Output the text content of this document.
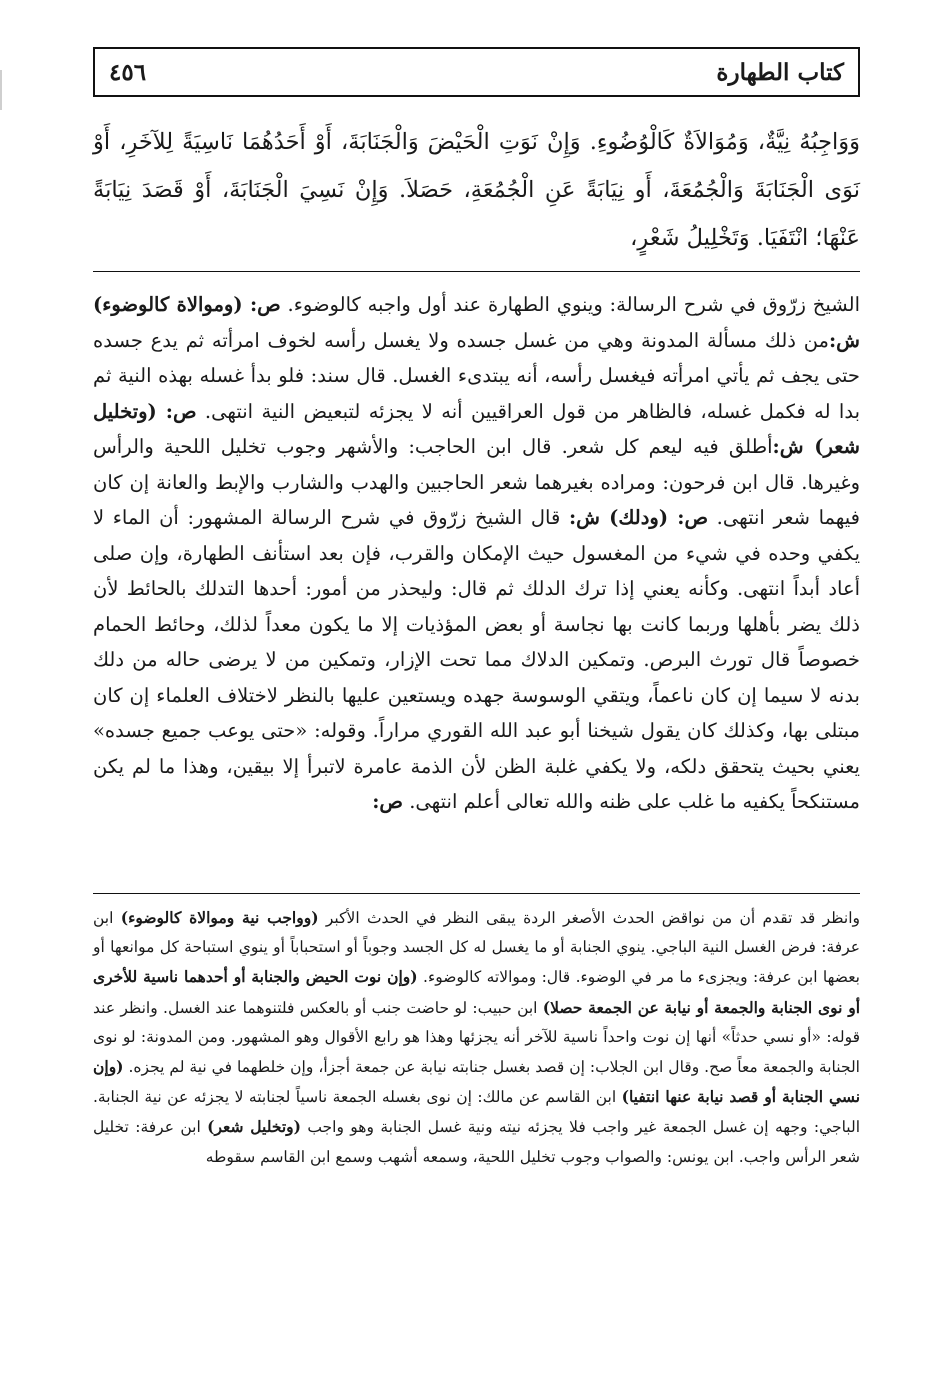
كتاب الطهارة
٤٥٦
وَوَاجِبُهُ نِيَّةٌ، وَمُوَالاَةٌ كَالْوُضُوءِ. وَإِنْ نَوَتِ الْحَيْضَ وَالْجَنَابَةَ، أَوْ أَحَدُهُمَا نَاسِيَةً لِلآخَرِ، أَوْ نَوَى الْجَنَابَةَ وَالْجُمُعَةَ، أَو نِيَابَةً عَنِ الْجُمُعَةِ، حَصَلاَ. وَإِنْ نَسِيَ الْجَنَابَةَ، أَوْ قَصَدَ نِيَابَةً عَنْهَا؛ انْتَفَيَا. وَتَخْلِيلُ شَعْرٍ،
الشيخ زرّوق في شرح الرسالة: وينوي الطهارة عند أول واجبه كالوضوء. ص: (وموالاة كالوضوء) ش:من ذلك مسألة المدونة وهي من غسل جسده ولا يغسل رأسه لخوف امرأته ثم يدع جسده حتى يجف ثم يأتي امرأته فيغسل رأسه، أنه يبتدىء الغسل. قال سند: فلو بدأ غسله بهذه النية ثم بدا له فكمل غسله، فالظاهر من قول العراقيين أنه لا يجزئه لتبعيض النية انتهى. ص: (وتخليل شعر) ش:أطلق فيه ليعم كل شعر. قال ابن الحاجب: والأشهر وجوب تخليل اللحية والرأس وغيرها. قال ابن فرحون: ومراده بغيرهما شعر الحاجبين والهدب والشارب والإبط والعانة إن كان فيهما شعر انتهى. ص: (ودلك) ش: قال الشيخ زرّوق في شرح الرسالة المشهور: أن الماء لا يكفي وحده في شيء من المغسول حيث الإمكان والقرب، فإن بعد استأنف الطهارة، وإن صلى أعاد أبداً انتهى. وكأنه يعني إذا ترك الدلك ثم قال: وليحذر من أمور: أحدها التدلك بالحائط لأن ذلك يضر بأهلها وربما كانت بها نجاسة أو بعض المؤذيات إلا ما يكون معداً لذلك، وحائط الحمام خصوصاً قال تورث البرص. وتمكين الدلاك مما تحت الإزار، وتمكين من لا يرضى حاله من دلك بدنه لا سيما إن كان ناعماً، ويتقي الوسوسة جهده ويستعين عليها بالنظر لاختلاف العلماء إن كان مبتلى بها، وكذلك كان يقول شيخنا أبو عبد الله القوري مراراً. وقوله: «حتى يوعب جميع جسده» يعني بحيث يتحقق دلكه، ولا يكفي غلبة الظن لأن الذمة عامرة لاتبرأ إلا بيقين، وهذا ما لم يكن مستنكحاً يكفيه ما غلب على ظنه والله تعالى أعلم انتهى. ص:
وانظر قد تقدم أن من نواقض الحدث الأصغر الردة يبقى النظر في الحدث الأكبر (وواجب نية وموالاة كالوضوء) ابن عرفة: فرض الغسل النية الباجي. ينوي الجنابة أو ما يغسل له كل الجسد وجوباً أو استحباباً أو ينوي استباحة كل موانعها أو بعضها ابن عرفة: ويجزىء ما مر في الوضوء. قال: وموالاته كالوضوء. (وإن نوت الحيض والجنابة أو أحدهما ناسية للأخرى أو نوى الجنابة والجمعة أو نيابة عن الجمعة حصلا) ابن حبيب: لو حاضت جنب أو بالعكس فلتنوهما عند الغسل. وانظر عند قوله: «أو نسي حدثاً» أنها إن نوت واحداً ناسية للآخر أنه يجزئها وهذا هو رابع الأقوال وهو المشهور. ومن المدونة: لو نوى الجنابة والجمعة معاً صح. وقال ابن الجلاب: إن قصد بغسل جنابته نيابة عن جمعة أجزأ، وإن خلطهما في نية لم يجزه. (وإن نسي الجنابة أو قصد نيابة عنها انتفيا) ابن القاسم عن مالك: إن نوى بغسله الجمعة ناسياً لجنابته لا يجزئه عن نية الجنابة. الباجي: وجهه إن غسل الجمعة غير واجب فلا يجزئه نيته ونية غسل الجنابة وهو واجب (وتخليل شعر) ابن عرفة: تخليل شعر الرأس واجب. ابن يونس: والصواب وجوب تخليل اللحية، وسمعه أشهب وسمع ابن القاسم سقوطه
